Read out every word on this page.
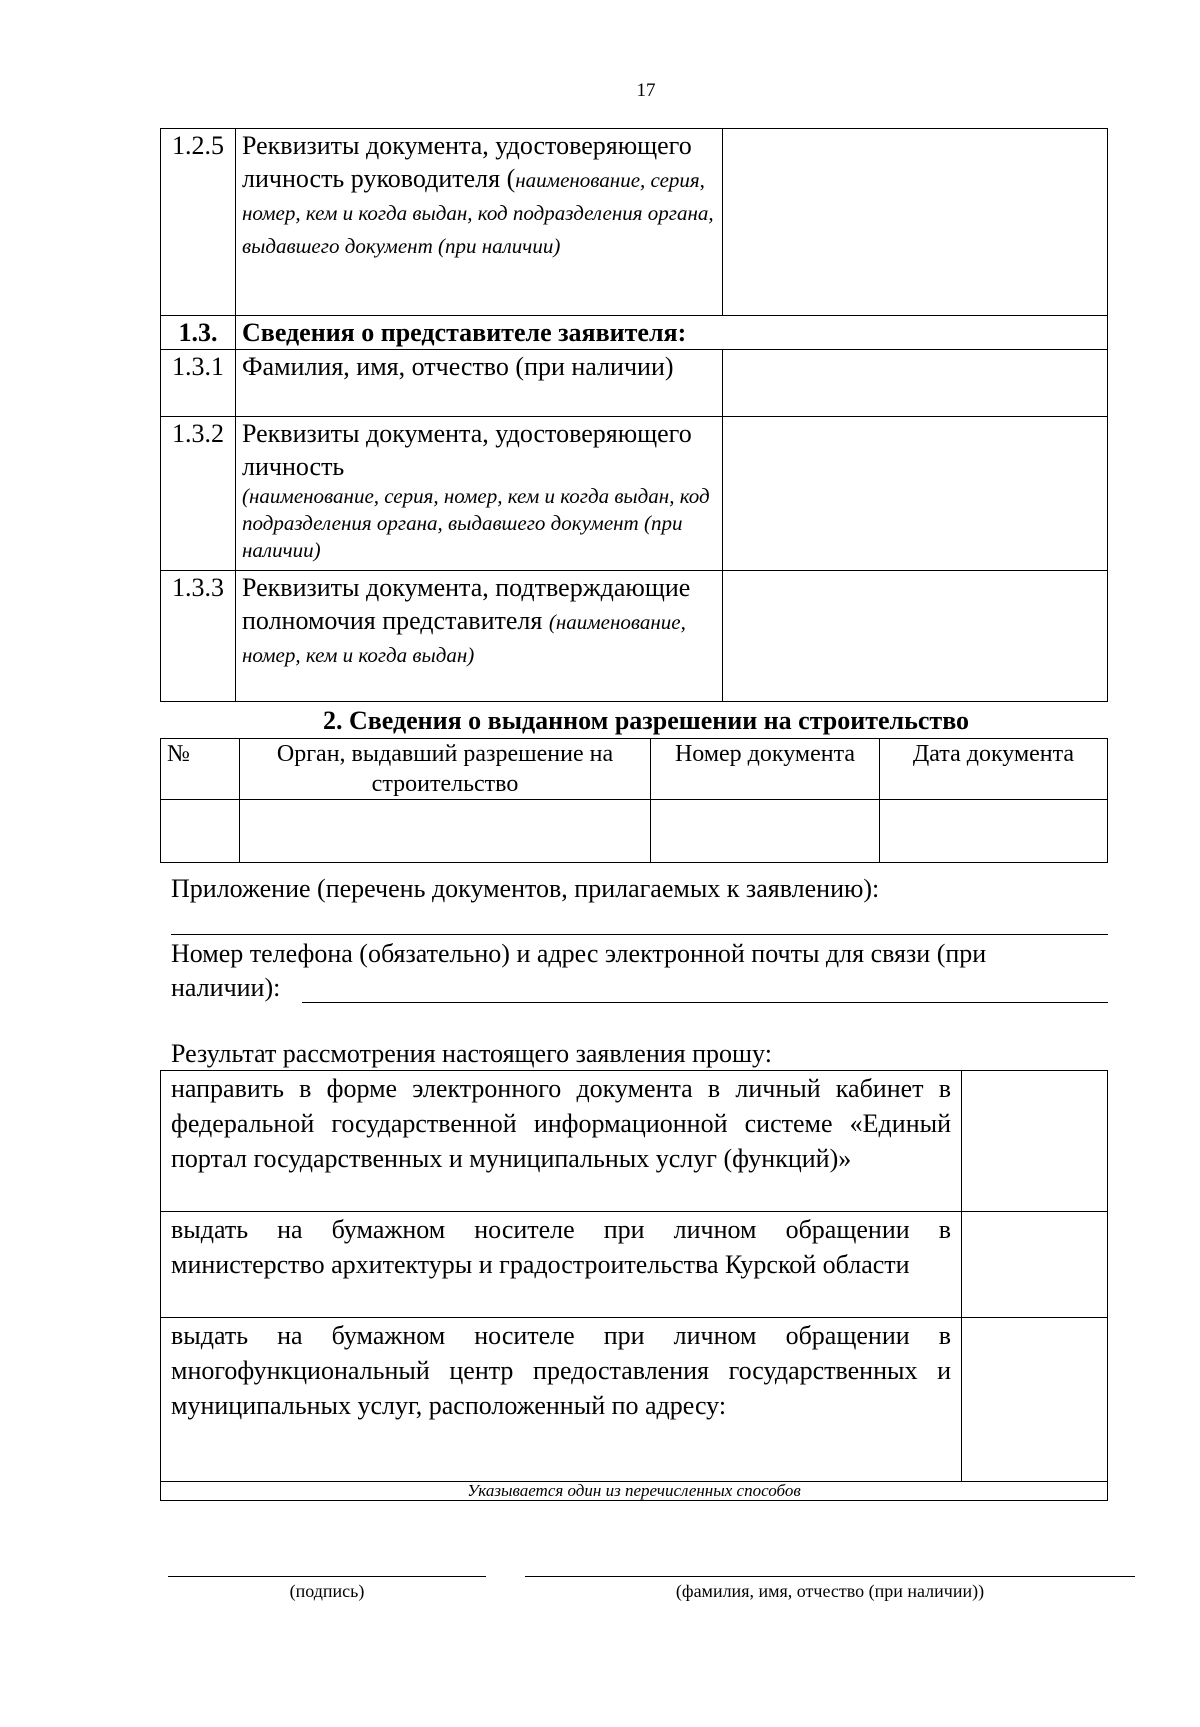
17
1.2.5	Реквизиты документа, удостоверяющего личность руководителя (наименование, серия, номер, кем и когда выдан, код подразделения органа, выдавшего документ (при наличии)	
1.3.	Сведения о представителе заявителя:	
1.3.1	Фамилия, имя, отчество (при наличии)	
1.3.2	Реквизиты документа, удостоверяющего личность
(наименование, серия, номер, кем и когда выдан, код подразделения органа, выдавшего документ (при наличии)	

1.3.3	Реквизиты документа, подтверждающие полномочия представителя (наименование, номер, кем и когда выдан)	
2. Сведения о выданном разрешении на строительство
№	Орган, выдавший разрешение на строительство	Номер документа	Дата документа

Приложение (перечень документов, прилагаемых к заявлению):
Номер телефона (обязательно) и адрес электронной почты для связи (при
наличии):
Результат рассмотрения настоящего заявления прошу:
направить в форме электронного документа в личный кабинет в федеральной государственной информационной системе «Единый портал государственных и муниципальных услуг (функций)»	
выдать на бумажном носителе при личном обращении в министерство архитектуры и градостроительства Курской области	
выдать на бумажном носителе при личном обращении в многофункциональный центр предоставления государственных и муниципальных услуг, расположенный по адресу:	
Указывается один из перечисленных способов	
(подпись)	(фамилия, имя, отчество (при наличии))
